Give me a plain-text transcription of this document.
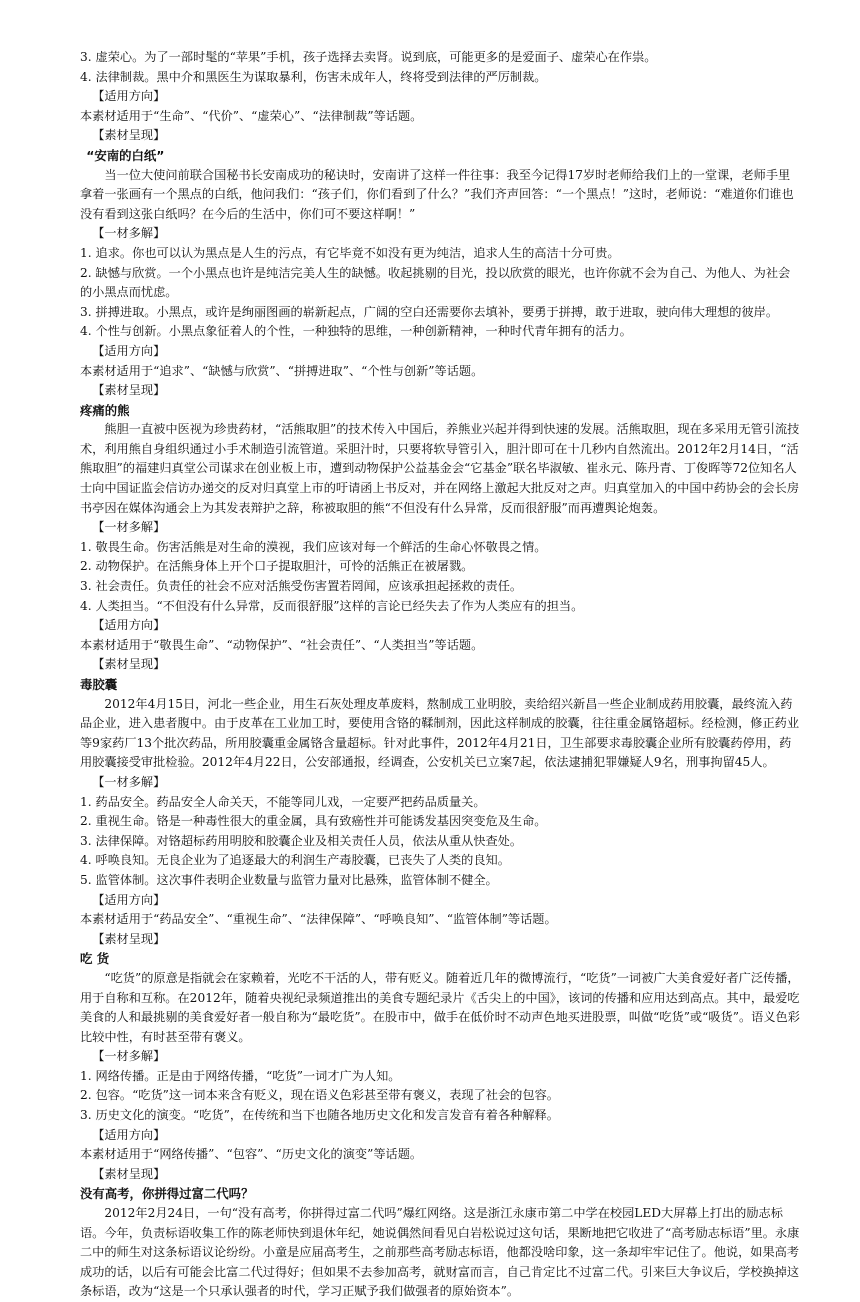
3. 虚荣心。为了一部时髦的“苹果”手机，孩子选择去卖肾。说到底，可能更多的是爱面子、虚荣心在作祟。

4. 法律制裁。黑中介和黑医生为谋取暴利，伤害未成年人，终将受到法律的严厉制裁。

【适用方向】

本素材适用于“生命”、“代价”、“虚荣心”、“法律制裁”等话题。

【素材呈现】

“安南的白纸”

当一位大使问前联合国秘书长安南成功的秘诀时，安南讲了这样一件往事：我至今记得17岁时老师给我们上的一堂课，老师手里拿着一张画有一个黑点的白纸，他问我们：“孩子们，你们看到了什么？”我们齐声回答：“一个黑点！”这时，老师说：“难道你们谁也没有看到这张白纸吗？在今后的生活中，你们可不要这样啊！”

【一材多解】

1. 追求。你也可以认为黑点是人生的污点，有它毕竟不如没有更为纯洁，追求人生的高洁十分可贵。

2. 缺憾与欣赏。一个小黑点也许是纯洁完美人生的缺憾。收起挑剔的目光，投以欣赏的眼光，也许你就不会为自己、为他人、为社会的小黑点而忧虑。

3. 拼搏进取。小黑点，或许是绚丽图画的崭新起点，广阔的空白还需要你去填补，要勇于拼搏，敢于进取，驶向伟大理想的彼岸。

4. 个性与创新。小黑点象征着人的个性，一种独特的思维，一种创新精神，一种时代青年拥有的活力。

【适用方向】

本素材适用于“追求”、“缺憾与欣赏”、“拼搏进取”、“个性与创新”等话题。

【素材呈现】

疼痛的熊

熊胆一直被中医视为珍贵药材，“活熊取胆”的技术传入中国后，养熊业兴起并得到快速的发展。活熊取胆，现在多采用无管引流技术，利用熊自身组织通过小手术制造引流管道。采胆汁时，只要将软导管引入，胆汁即可在十几秒内自然流出。2012年2月14日，“活熊取胆”的福建归真堂公司谋求在创业板上市，遭到动物保护公益基金会“它基金”联名毕淑敏、崔永元、陈丹青、丁俊晖等72位知名人士向中国证监会信访办递交的反对归真堂上市的吁请函上书反对，并在网络上激起大批反对之声。归真堂加入的中国中药协会的会长房书亭因在媒体沟通会上为其发表辩护之辞，称被取胆的熊“不但没有什么异常，反而很舒服”而再遭舆论炮轰。

【一材多解】

1. 敬畏生命。伤害活熊是对生命的漠视，我们应该对每一个鲜活的生命心怀敬畏之情。

2. 动物保护。在活熊身体上开个口子提取胆汁，可怜的活熊正在被屠戮。

3. 社会责任。负责任的社会不应对活熊受伤害置若罔闻，应该承担起拯救的责任。

4. 人类担当。“不但没有什么异常，反而很舒服”这样的言论已经失去了作为人类应有的担当。

【适用方向】

本素材适用于“敬畏生命”、“动物保护”、“社会责任”、“人类担当”等话题。

【素材呈现】

毒胶囊

2012年4月15日，河北一些企业，用生石灰处理皮革废料，熬制成工业明胶，卖给绍兴新昌一些企业制成药用胶囊，最终流入药品企业，进入患者腹中。由于皮革在工业加工时，要使用含铬的鞣制剂，因此这样制成的胶囊，往往重金属铬超标。经检测，修正药业等9家药厂13个批次药品，所用胶囊重金属铬含量超标。针对此事件，2012年4月21日，卫生部要求毒胶囊企业所有胶囊药停用，药用胶囊接受审批检验。2012年4月22日，公安部通报，经调查，公安机关已立案7起，依法逮捕犯罪嫌疑人9名，刑事拘留45人。

【一材多解】

1. 药品安全。药品安全人命关天，不能等同儿戏，一定要严把药品质量关。

2. 重视生命。铬是一种毒性很大的重金属，具有致癌性并可能诱发基因突变危及生命。

3. 法律保障。对铬超标药用明胶和胶囊企业及相关责任人员，依法从重从快查处。

4. 呼唤良知。无良企业为了追逐最大的利润生产毒胶囊，已丧失了人类的良知。

5. 监管体制。这次事件表明企业数量与监管力量对比悬殊，监管体制不健全。

【适用方向】

本素材适用于“药品安全”、“重视生命”、“法律保障”、“呼唤良知”、“监管体制”等话题。

【素材呈现】

吃 货

“吃货”的原意是指就会在家赖着，光吃不干活的人，带有贬义。随着近几年的微博流行，“吃货”一词被广大美食爱好者广泛传播，用于自称和互称。在2012年，随着央视纪录频道推出的美食专题纪录片《舌尖上的中国》，该词的传播和应用达到高点。其中，最爱吃美食的人和最挑剔的美食爱好者一般自称为“最吃货”。在股市中，做手在低价时不动声色地买进股票，叫做“吃货”或“吸货”。语义色彩比较中性，有时甚至带有褒义。

【一材多解】

1. 网络传播。正是由于网络传播，“吃货”一词才广为人知。

2. 包容。“吃货”这一词本来含有贬义，现在语义色彩甚至带有褒义，表现了社会的包容。

3. 历史文化的演变。“吃货”，在传统和当下也随各地历史文化和发言发音有着各种解释。

【适用方向】

本素材适用于“网络传播”、“包容”、“历史文化的演变”等话题。

【素材呈现】

没有高考，你拼得过富二代吗？

2012年2月24日，一句“没有高考，你拼得过富二代吗”爆红网络。这是浙江永康市第二中学在校园LED大屏幕上打出的励志标语。今年，负责标语收集工作的陈老师快到退休年纪，她说偶然间看见白岩松说过这句话，果断地把它收进了“高考励志标语”里。永康二中的师生对这条标语议论纷纷。小童是应届高考生，之前那些高考励志标语，他都没啥印象，这一条却牢牢记住了。他说，如果高考成功的话，以后有可能会比富二代过得好；但如果不去参加高考，就财富而言，自己肯定比不过富二代。引来巨大争议后，学校换掉这条标语，改为“这是一个只承认强者的时代，学习正赋予我们做强者的原始资本”。
